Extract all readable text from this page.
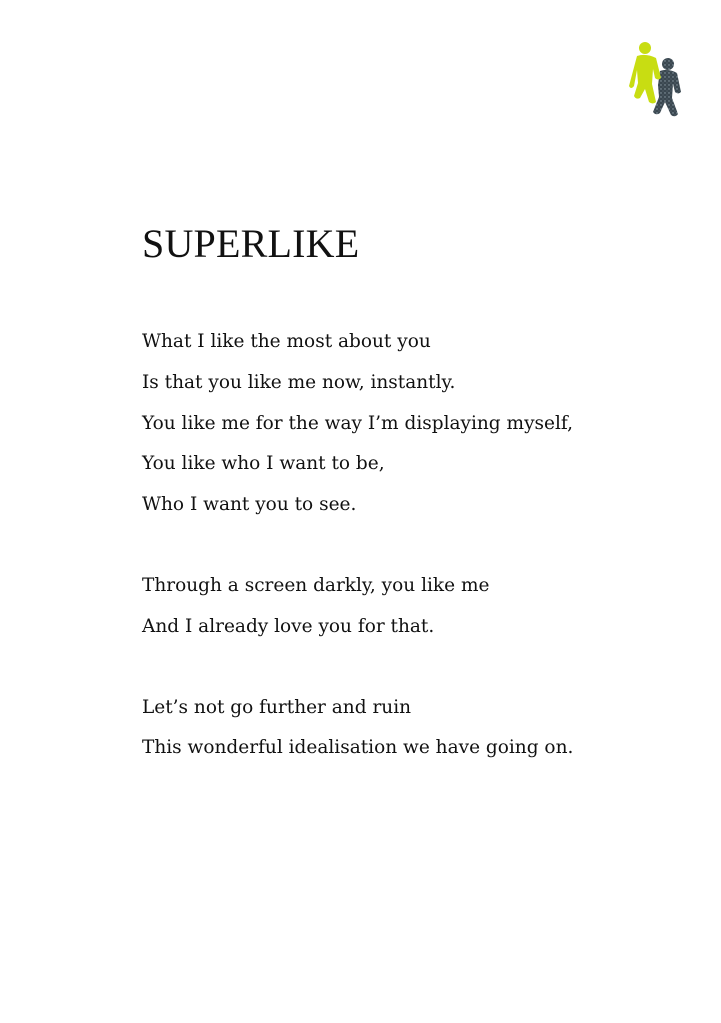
SUPERLIKE
What I like the most about you
Is that you like me now, instantly.
You like me for the way I’m displaying myself,
You like who I want to be,
Who I want you to see.
Through a screen darkly, you like me
And I already love you for that.
Let’s not go further and ruin
This wonderful idealisation we have going on.
